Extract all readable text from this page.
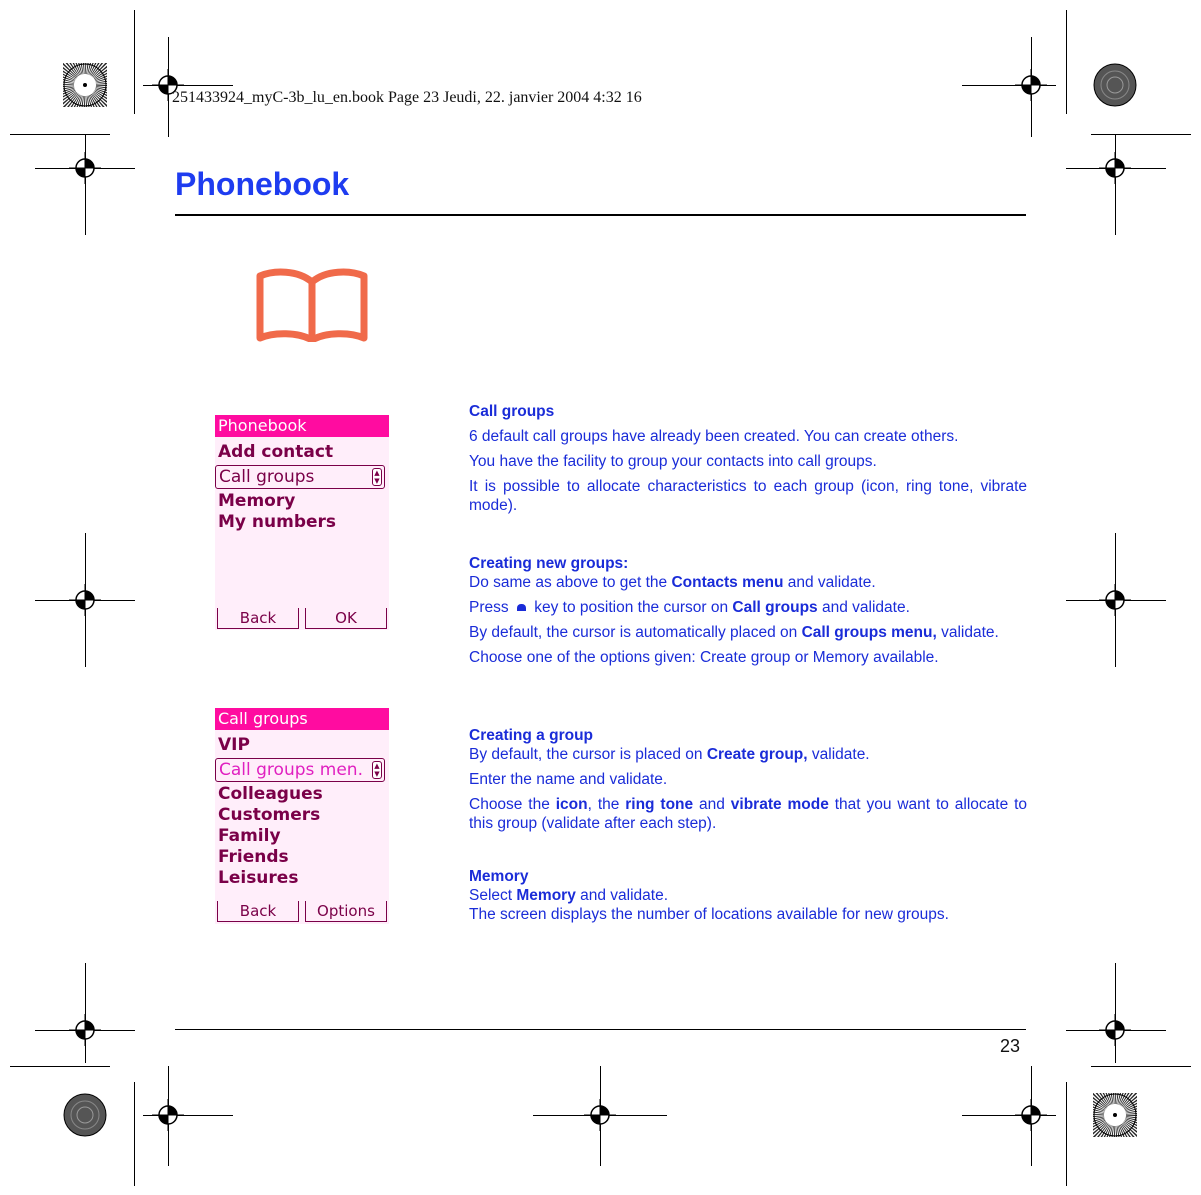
251433924_myC-3b_lu_en.book Page 23 Jeudi, 22. janvier 2004 4:32 16
Phonebook
Phonebook
Add contact
Call groups	▲
▼
Memory
My numbers
Back	OK
Call groups
VIP
Call groups men.	▲
▼
Colleagues
Customers
Family
Friends
Leisures
Back	Options

Call groups

6 default call groups have already been created. You can create others.

You have the facility to group your contacts into call groups.

It is possible to allocate characteristics to each group (icon, ring tone, vibrate mode).

Creating new groups:

Do same as above to get the Contacts menu and validate.

Press  key to position the cursor on Call groups and validate.

By default, the cursor is automatically placed on Call groups menu, validate.

Choose one of the options given: Create group or Memory available.

Creating a group

By default, the cursor is placed on Create group, validate.

Enter the name and validate.

Choose the icon, the ring tone and vibrate mode that you want to allocate to this group (validate after each step).

Memory

Select Memory and validate.

The screen displays the number of locations available for new groups.

23
